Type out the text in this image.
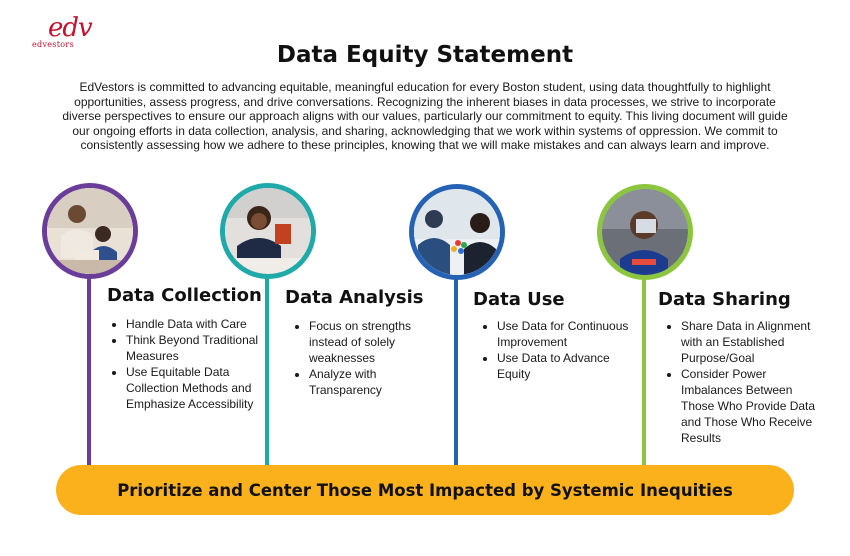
edv
edvestors	Data Equity Statement
EdVestors is committed to advancing equitable, meaningful education for every Boston student, using data thoughtfully to highlight opportunities, assess progress, and drive conversations. Recognizing the inherent biases in data processes, we strive to incorporate diverse perspectives to ensure our approach aligns with our values, particularly our commitment to equity. This living document will guide our ongoing efforts in data collection, analysis, and sharing, acknowledging that we work within systems of oppression. We commit to consistently assessing how we adhere to these principles, knowing that we will make mistakes and can always learn and improve.
Data Collection
• Handle Data with Care
• Think Beyond Traditional Measures
• Use Equitable Data Collection Methods and Emphasize Accessibility
Data Analysis
• Focus on strengths instead of solely weaknesses
• Analyze with Transparency
Data Use
• Use Data for Continuous Improvement
• Use Data to Advance Equity
Data Sharing
• Share Data in Alignment with an Established Purpose/Goal
• Consider Power Imbalances Between Those Who Provide Data and Those Who Receive Results
Prioritize and Center Those Most Impacted by Systemic Inequities
